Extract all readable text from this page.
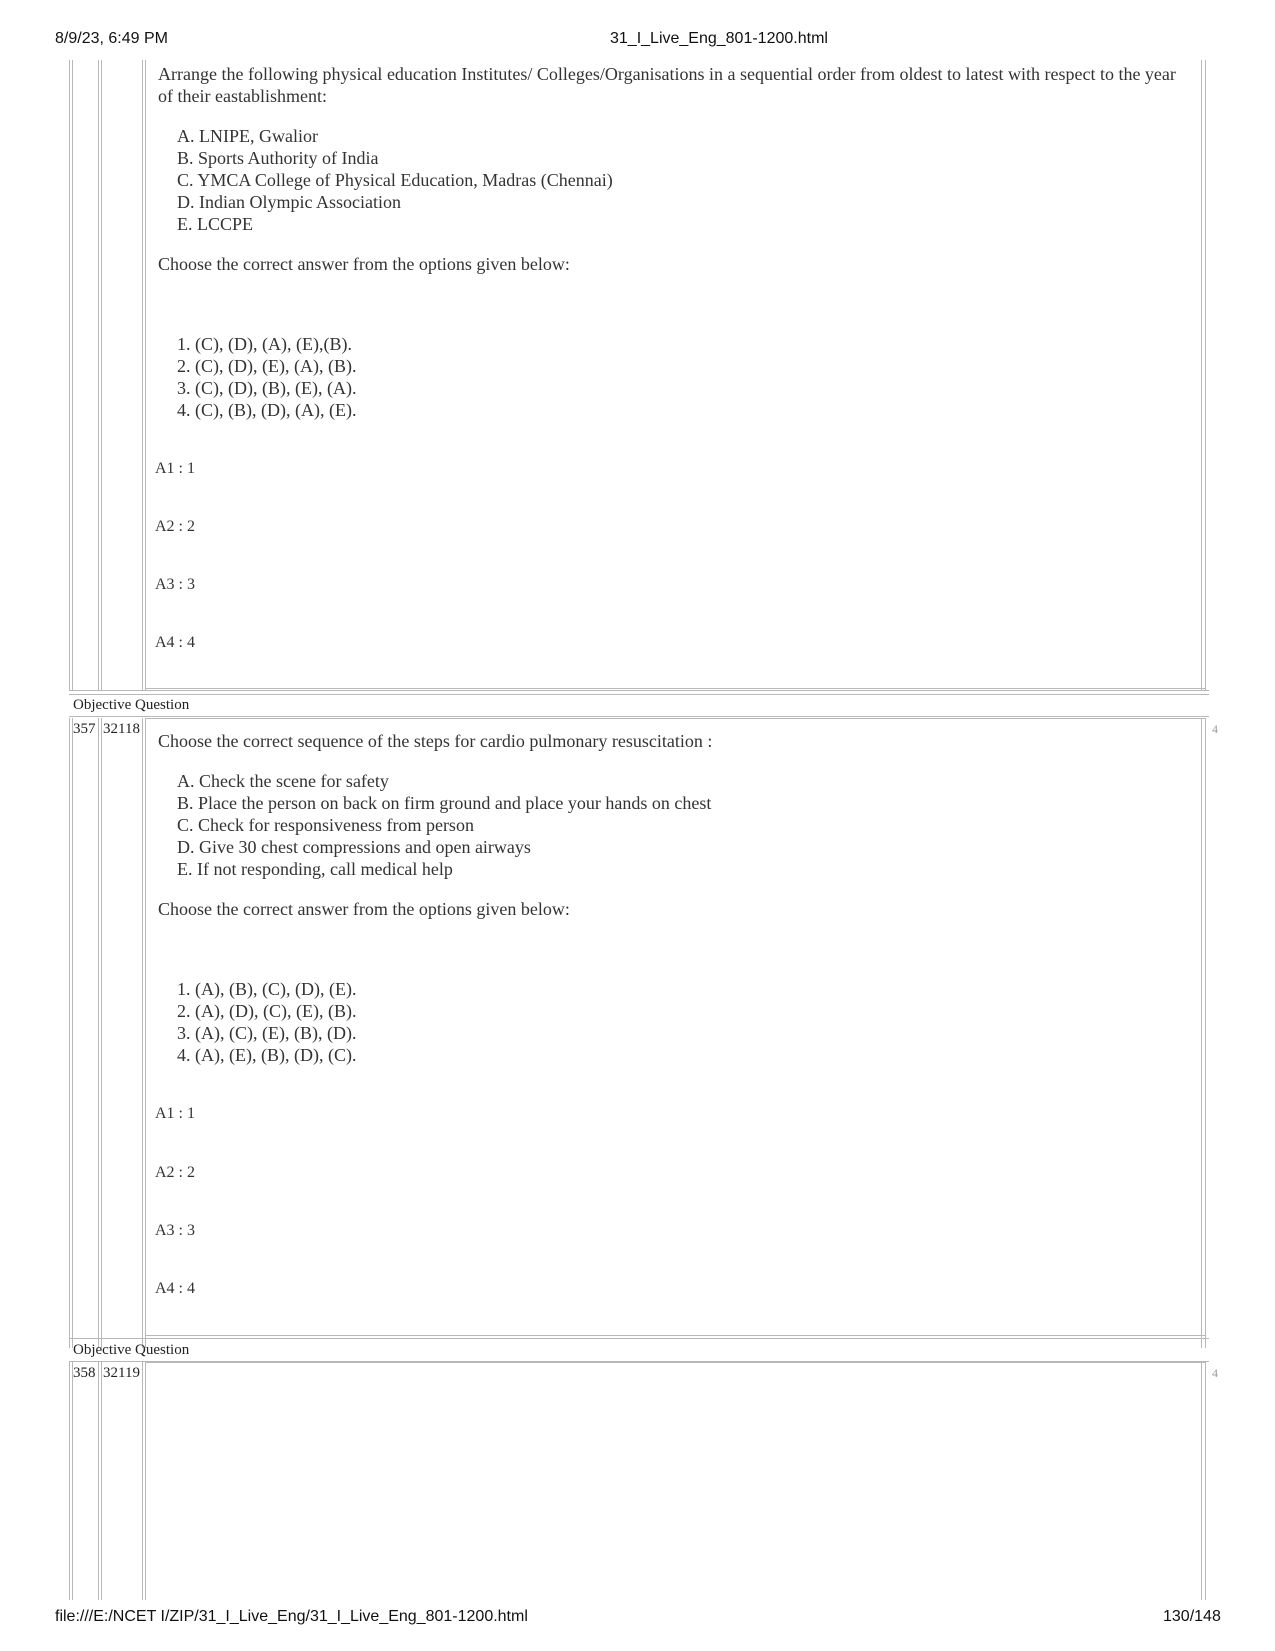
8/9/23, 6:49 PM	31_I_Live_Eng_801-1200.html
Arrange the following physical education Institutes/ Colleges/Organisations in a sequential order from oldest to latest with respect to the year of their eastablishment:
A. LNIPE, Gwalior
B. Sports Authority of India
C. YMCA College of Physical Education, Madras (Chennai)
D. Indian Olympic Association
E. LCCPE
Choose the correct answer from the options given below:
1. (C), (D), (A), (E),(B).
2. (C), (D), (E), (A), (B).
3. (C), (D), (B), (E), (A).
4. (C), (B), (D), (A), (E).
A1 : 1
A2 : 2
A3 : 3
A4 : 4
Objective Question
357 32118	4
Choose the correct sequence of the steps for cardio pulmonary resuscitation :
A. Check the scene for safety
B. Place the person on back on firm ground and place your hands on chest
C. Check for responsiveness from person
D. Give 30 chest compressions and open airways
E. If not responding, call medical help
Choose the correct answer from the options given below:
1. (A), (B), (C), (D), (E).
2. (A), (D), (C), (E), (B).
3. (A), (C), (E), (B), (D).
4. (A), (E), (B), (D), (C).
A1 : 1
A2 : 2
A3 : 3
A4 : 4
Objective Question
358 32119	4
file:///E:/NCET I/ZIP/31_I_Live_Eng/31_I_Live_Eng_801-1200.html	130/148
